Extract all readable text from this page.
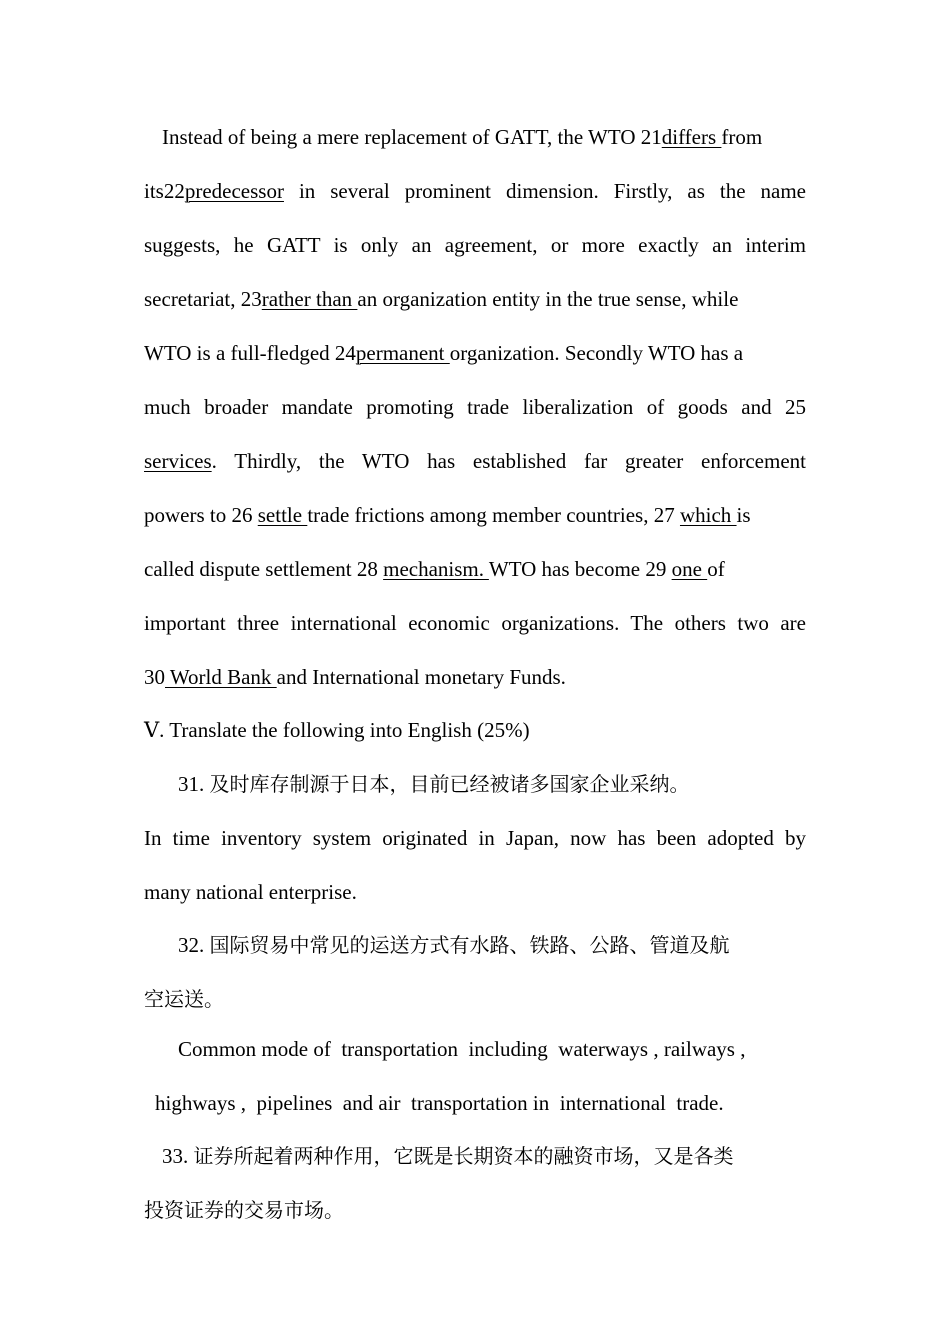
Instead of being a mere replacement of GATT, the WTO 21differs from
its22predecessor in several prominent dimension. Firstly, as the name
suggests, he GATT is only an agreement, or more exactly an interim
secretariat, 23rather than an organization entity in the true sense, while
WTO is a full-fledged 24permanent organization. Secondly WTO has a
much broader mandate promoting trade liberalization of goods and 25
services. Thirdly, the WTO has established far greater enforcement
powers to 26 settle trade frictions among member countries, 27 which is
called dispute settlement 28 mechanism. WTO has become 29 one of
important three international economic organizations. The others two are
30 World Bank and International monetary Funds.
Ⅴ. Translate the following into English (25%)
31. 及时库存制源于日本，目前已经被诸多国家企业采纳。
In time inventory system originated in Japan, now has been adopted by
many national enterprise.
32. 国际贸易中常见的运送方式有水路、铁路、公路、管道及航
空运送。
Common mode of  transportation  including  waterways , railways ,
highways ,  pipelines  and air  transportation in  international  trade.
33. 证券所起着两种作用，它既是长期资本的融资市场，又是各类
投资证券的交易市场。
